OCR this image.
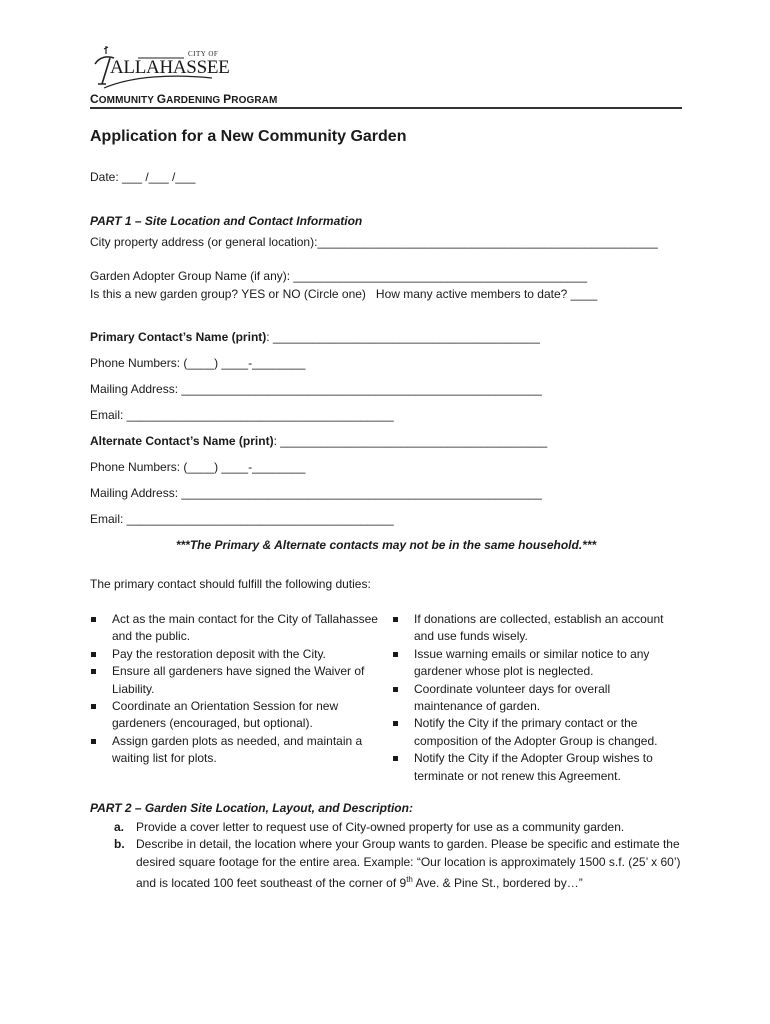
CITY OF
ALLAHASSEE
COMMUNITY GARDENING PROGRAM
Application for a New Community Garden
Date: ___ /___ /___
PART 1 – Site Location and Contact Information
City property address (or general location):___________________________________________________
Garden Adopter Group Name (if any): ____________________________________________
Is this a new garden group? YES or NO (Circle one)   How many active members to date? ____
Primary Contact’s Name (print): ________________________________________
Phone Numbers: (____) ____-________
Mailing Address: ______________________________________________________
Email: ________________________________________
Alternate Contact’s Name (print): ________________________________________
Phone Numbers: (____) ____-________
Mailing Address: ______________________________________________________
Email: ________________________________________
***The Primary & Alternate contacts may not be in the same household.***
The primary contact should fulfill the following duties:
Act as the main contact for the City of Tallahassee and the public.
Pay the restoration deposit with the City.
Ensure all gardeners have signed the Waiver of Liability.
Coordinate an Orientation Session for new gardeners (encouraged, but optional).
Assign garden plots as needed, and maintain a waiting list for plots.
If donations are collected, establish an account and use funds wisely.
Issue warning emails or similar notice to any gardener whose plot is neglected.
Coordinate volunteer days for overall maintenance of garden.
Notify the City if the primary contact or the composition of the Adopter Group is changed.
Notify the City if the Adopter Group wishes to terminate or not renew this Agreement.
PART 2 – Garden Site Location, Layout, and Description:
a. Provide a cover letter to request use of City-owned property for use as a community garden.
b. Describe in detail, the location where your Group wants to garden. Please be specific and estimate the desired square footage for the entire area. Example: “Our location is approximately 1500 s.f. (25’ x 60’) and is located 100 feet southeast of the corner of 9th Ave. & Pine St., bordered by…”
